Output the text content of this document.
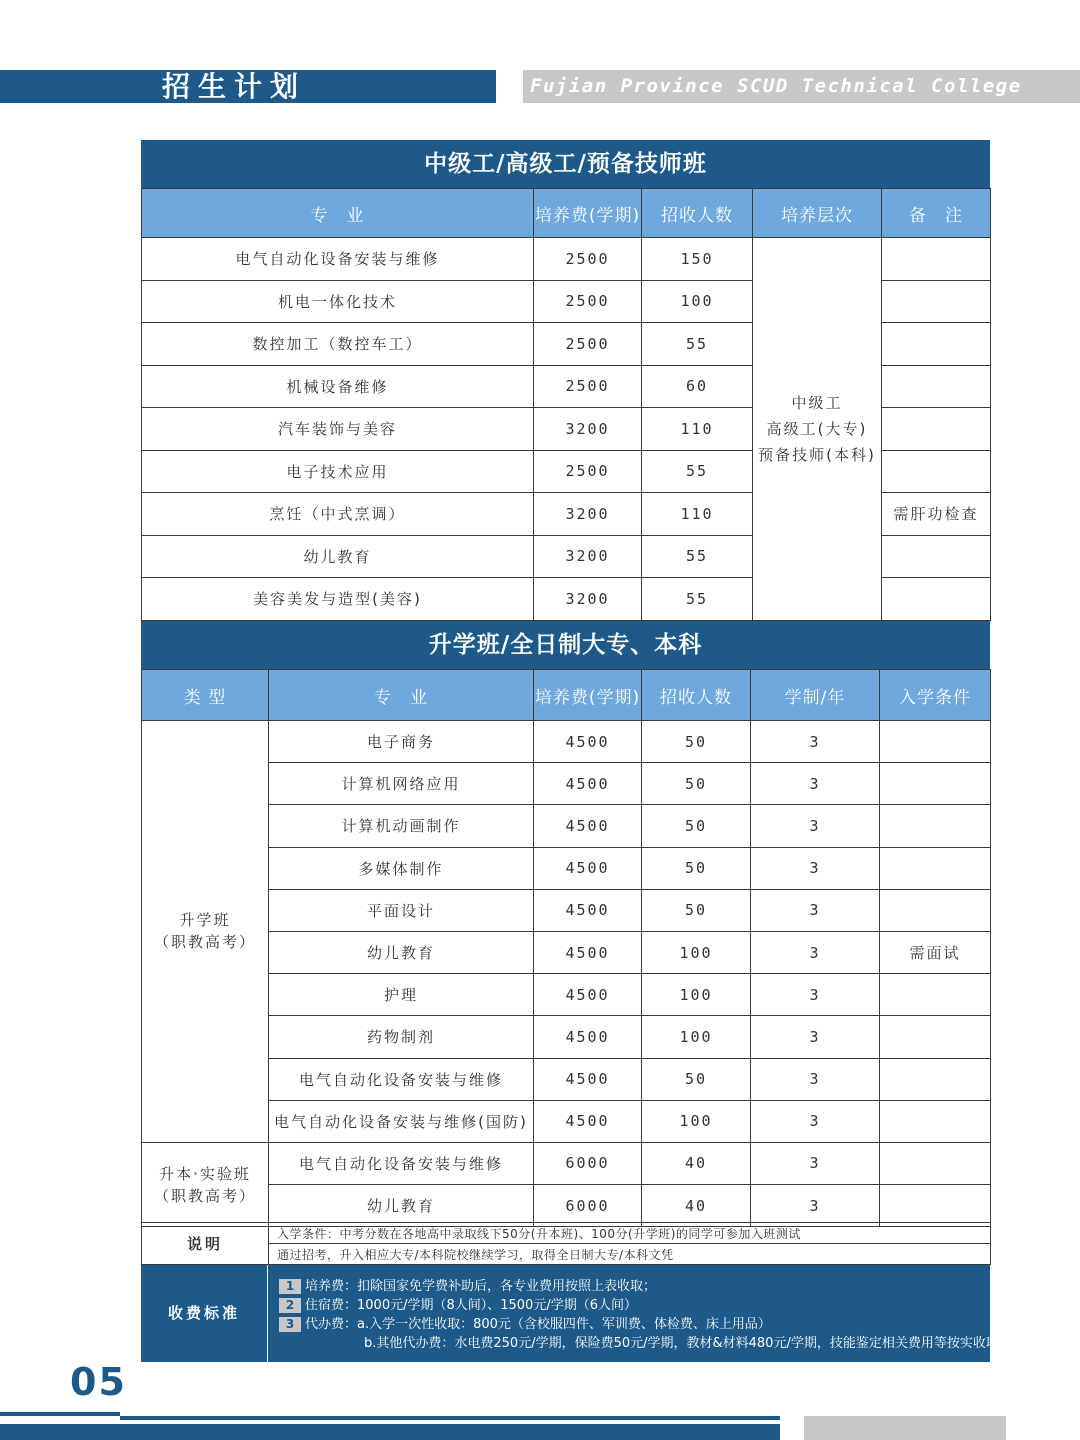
招生计划	Fujian Province SCUD Technical College
中级工/高级工/预备技师班
专　业	培养费(学期)	招收人数	培养层次	备　注
电气自动化设备安装与维修	2500	150	中级工
高级工(大专)
预备技师(本科)	

机电一体化技术	2500	100		
数控加工（数控车工）	2500	55		
机械设备维修	2500	60		
汽车装饰与美容	3200	110		
电子技术应用	2500	55		
烹饪（中式烹调）	3200	110		需肝功检查
幼儿教育	3200	55		
美容美发与造型(美容)	3200	55		
升学班/全日制大专、本科
类 型	专　业	培养费(学期)	招收人数	学制/年	入学条件

升学班
（职教高考）	电子商务	4500	50	3	
	计算机网络应用	4500	50	3	
	计算机动画制作	4500	50	3	
	多媒体制作	4500	50	3	
	平面设计	4500	50	3	
	幼儿教育	4500	100	3	需面试
	护理	4500	100	3	
	药物制剂	4500	100	3	
	电气自动化设备安装与维修	4500	50	3	
	电气自动化设备安装与维修(国防)	4500	100	3	

升本·实验班
（职教高考）	电气自动化设备安装与维修	6000	40	3	
	幼儿教育	6000	40	3	
说明	入学条件：中考分数在各地高中录取线下50分(升本班)、100分(升学班)的同学可参加入班测试
通过招考，升入相应大专/本科院校继续学习，取得全日制大专/本科文凭
收费标准
1 培养费：扣除国家免学费补助后，各专业费用按照上表收取；
2 住宿费：1000元/学期（8人间）、1500元/学期（6人间）
3 代办费：a.入学一次性收取：800元（含校服四件、军训费、体检费、床上用品）
b.其他代办费：水电费250元/学期，保险费50元/学期，教材&材料480元/学期，技能鉴定相关费用等按实收取，多退少补
05
